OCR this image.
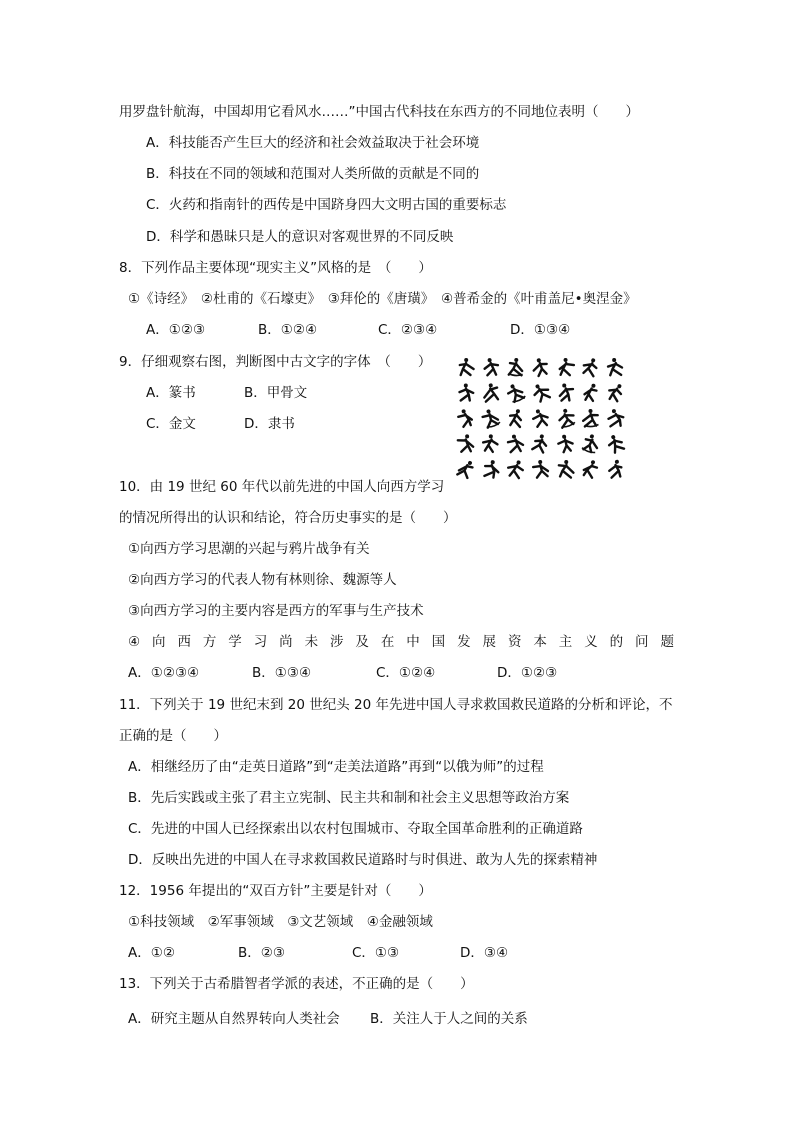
用罗盘针航海，中国却用它看风水……”中国古代科技在东西方的不同地位表明（　　）
A．科技能否产生巨大的经济和社会效益取决于社会环境
B．科技在不同的领域和范围对人类所做的贡献是不同的
C．火药和指南针的西传是中国跻身四大文明古国的重要标志
D．科学和愚昧只是人的意识对客观世界的不同反映
8．下列作品主要体现“现实主义”风格的是　（　　）
①《诗经》　②杜甫的《石壕吏》　③拜伦的《唐璜》　④普希金的《叶甫盖尼•奥涅金》
A．①②③	B．①②④	C．②③④	D．①③④
9．仔细观察右图，判断图中古文字的字体　（　　）
A．篆书	B．甲骨文
C．金文	D．隶书
10．由 19 世纪 60 年代以前先进的中国人向西方学习
的情况所得出的认识和结论，符合历史事实的是（　　）
①向西方学习思潮的兴起与鸦片战争有关
②向西方学习的代表人物有林则徐、魏源等人
③向西方学习的主要内容是西方的军事与生产技术
④ 向 西 方 学 习 尚 未 涉 及 在 中 国 发 展 资 本 主 义 的 问 题
A．①②③④	B．①③④	C．①②④	D．①②③
11．下列关于 19 世纪末到 20 世纪头 20 年先进中国人寻求救国救民道路的分析和评论，不
正确的是（　　）
A．相继经历了由“走英日道路”到“走美法道路”再到“以俄为师”的过程
B．先后实践或主张了君主立宪制、民主共和制和社会主义思想等政治方案
C．先进的中国人已经探索出以农村包围城市、夺取全国革命胜利的正确道路
D．反映出先进的中国人在寻求救国救民道路时与时俱进、敢为人先的探索精神
12．1956 年提出的“双百方针”主要是针对（　　）
①科技领域　②军事领域　③文艺领域　④金融领域
A．①②	B．②③	C．①③	D．③④
13．下列关于古希腊智者学派的表述，不正确的是（　　）
A．研究主题从自然界转向人类社会 B．关注人于人之间的关系
